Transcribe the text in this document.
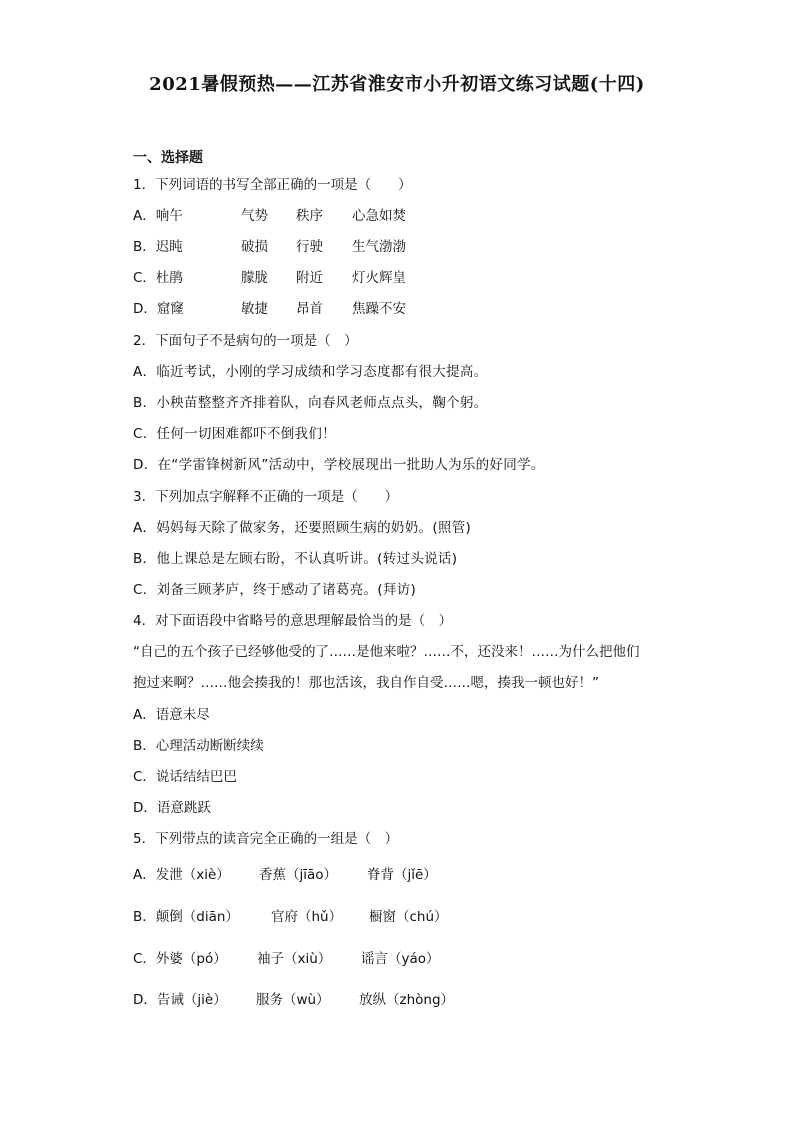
2021暑假预热——江苏省淮安市小升初语文练习试题(十四)
一、选择题
1．下列词语的书写全部正确的一项是（　　）
A．响午	气势 秩序 心急如焚
B．迟盹	破损 行驶 生气渤渤
C．杜鹃	朦胧 附近 灯火辉皇
D．窟窿	敏捷 昂首 焦躁不安
2．下面句子不是病句的一项是（　）
A．临近考试，小刚的学习成绩和学习态度都有很大提高。
B．小秧苗整整齐齐排着队，向春风老师点点头，鞠个躬。
C．任何一切困难都吓不倒我们！
D．在“学雷锋树新风”活动中，学校展现出一批助人为乐的好同学。
3．下列加点字解释不正确的一项是（　　）
A．妈妈每天除了做家务，还要照顾生病的奶奶。(照管)
B．他上课总是左顾右盼，不认真听讲。(转过头说话)
C．刘备三顾茅庐，终于感动了诸葛亮。(拜访)
4．对下面语段中省略号的意思理解最恰当的是（　）
“自己的五个孩子已经够他受的了……是他来啦？……不，还没来！……为什么把他们
抱过来啊？……他会揍我的！那也活该，我自作自受……嗯，揍我一顿也好！”
A．语意未尽
B．心理活动断断续续
C．说话结结巴巴
D．语意跳跃
5．下列带点的读音完全正确的一组是（　）
A．发泄（xiè） 香蕉（jīāo） 脊背（jǐē）
B．颠倒（diān） 官府（hǔ） 橱窗（chú）
C．外婆（pó） 袖子（xiù） 谣言（yáo）
D．告诫（jiè） 服务（wù） 放纵（zhòng）
